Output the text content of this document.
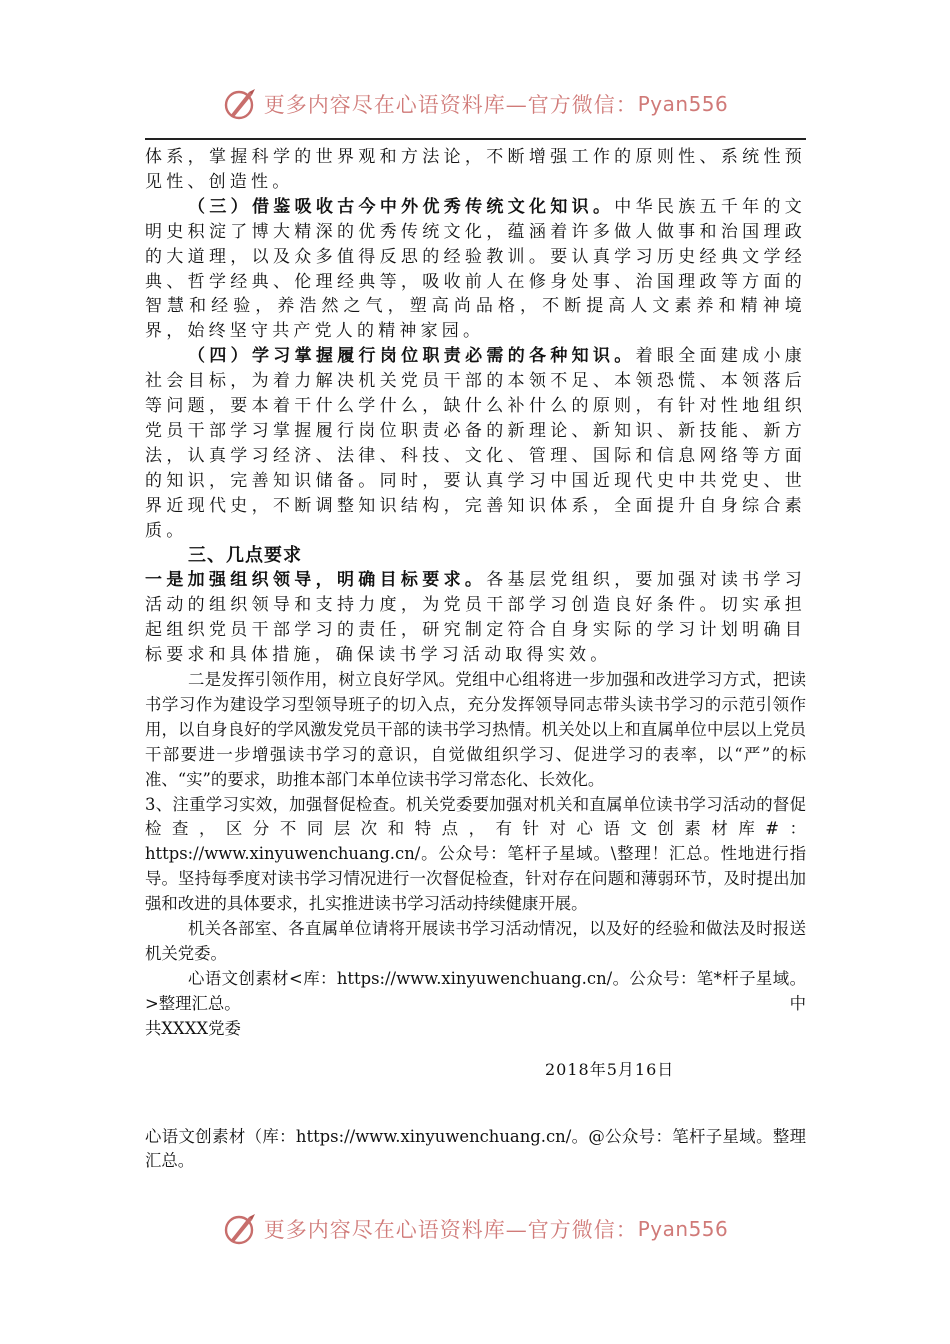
更多内容尽在心语资料库—官方微信： Pyan556

体系，掌握科学的世界观和方法论，不断增强工作的原则性、系统性预见性、创造性。

（三）借鉴吸收古今中外优秀传统文化知识。中华民族五千年的文明史积淀了博大精深的优秀传统文化，蕴涵着许多做人做事和治国理政的大道理，以及众多值得反思的经验教训。要认真学习历史经典文学经典、哲学经典、伦理经典等，吸收前人在修身处事、治国理政等方面的智慧和经验，养浩然之气，塑高尚品格，不断提高人文素养和精神境界，始终坚守共产党人的精神家园。

（四）学习掌握履行岗位职责必需的各种知识。着眼全面建成小康社会目标，为着力解决机关党员干部的本领不足、本领恐慌、本领落后等问题，要本着干什么学什么，缺什么补什么的原则，有针对性地组织党员干部学习掌握履行岗位职责必备的新理论、新知识、新技能、新方法，认真学习经济、法律、科技、文化、管理、国际和信息网络等方面的知识，完善知识储备。同时，要认真学习中国近现代史中共党史、世界近现代史，不断调整知识结构，完善知识体系，全面提升自身综合素质。

三、几点要求

一是加强组织领导，明确目标要求。各基层党组织，要加强对读书学习活动的组织领导和支持力度，为党员干部学习创造良好条件。切实承担起组织党员干部学习的责任，研究制定符合自身实际的学习计划明确目标要求和具体措施，确保读书学习活动取得实效。

二是发挥引领作用，树立良好学风。党组中心组将进一步加强和改进学习方式，把读书学习作为建设学习型领导班子的切入点，充分发挥领导同志带头读书学习的示范引领作用，以自身良好的学风激发党员干部的读书学习热情。机关处以上和直属单位中层以上党员干部要进一步增强读书学习的意识，自觉做组织学习、促进学习的表率，以“严”的标准、“实”的要求，助推本部门本单位读书学习常态化、长效化。

3、注重学习实效，加强督促检查。机关党委要加强对机关和直属单位读书学习活动的督促检查，区分不同层次和特点，有针对心语文创素材库#：https://www.xinyuwenchuang.cn/。公众号：笔杆子星域。\整理！汇总。性地进行指导。坚持每季度对读书学习情况进行一次督促检查，针对存在问题和薄弱环节，及时提出加强和改进的具体要求，扎实推进读书学习活动持续健康开展。

机关各部室、各直属单位请将开展读书学习活动情况，以及好的经验和做法及时报送机关党委。

心语文创素材<库：https://www.xinyuwenchuang.cn/。公众号：笔*杆子星域。>整理汇总。	中

共XXXX党委

2018年5月16日

心语文创素材（库：https://www.xinyuwenchuang.cn/。@公众号：笔杆子星域。整理汇总。

更多内容尽在心语资料库—官方微信： Pyan556
